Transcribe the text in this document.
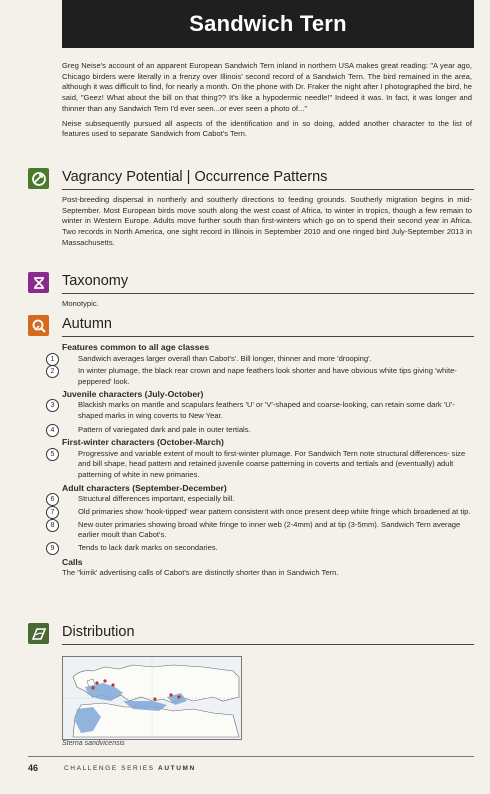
Sandwich Tern

Greg Neise's account of an apparent European Sandwich Tern inland in northern USA makes great reading: "A year ago, Chicago birders were literally in a frenzy over Illinois' second record of a Sandwich Tern. The bird remained in the area, although it was difficult to find, for nearly a month. On the phone with Dr. Fraker the night after I photographed the bird, he said, "Geez! What about the bill on that thing?? It's like a hypodermic needle!" Indeed it was. In fact, it was longer and thinner than any Sandwich Tern I'd ever seen...or ever seen a photo of..."

Neise subsequently pursued all aspects of the identification and in so doing, added another character to the list of features used to separate Sandwich from Cabot's Tern.

Vagrancy Potential | Occurrence Patterns

Post-breeding dispersal in northerly and southerly directions to feeding grounds. Southerly migration begins in mid-September. Most European birds move south along the west coast of Africa, to winter in tropics, though a few remain to winter in Western Europe. Adults move further south than first-winters which go on to spend their second year in Africa. Two records in North America, one sight record in Illinois in September 2010 and one ringed bird July-September 2013 in Massachusetts.

Taxonomy

Monotypic.

Autumn

Features common to all age classes

1	Sandwich averages larger overall than Cabot's'. Bill longer, thinner and more 'drooping'.
2	In winter plumage, the black rear crown and nape feathers look shorter and have obvious white tips giving 'white-peppered' look.

Juvenile characters (July-October)

3	Blackish marks on mantle and scapulars feathers 'U' or 'V'-shaped and coarse-looking, can retain some dark 'U'-shaped marks in wing coverts to New Year.
4	Pattern of variegated dark and pale in outer tertials.

First-winter characters (October-March)

5	Progressive and variable extent of moult to first-winter plumage. For Sandwich Tern note structural differences- size and bill shape, head pattern and retained juvenile coarse patterning in coverts and tertials and (eventually) adult patterning of white in new primaries.

Adult characters (September-December)

6	Structural differences important, especially bill.
7	Old primaries show 'hook-tipped' wear pattern consistent with once present deep white fringe which broadened at tip.
8	New outer primaries showing broad white fringe to inner web (2-4mm) and at tip (3-5mm). Sandwich Tern average earlier moult than Cabot's.
9	Tends to lack dark marks on secondaries.

Calls

The "kirrik' advertising calls of Cabot's are distinctly shorter than in Sandwich Tern.

Distribution
Sterna sandvicensis
46	CHALLENGE SERIES AUTUMN
